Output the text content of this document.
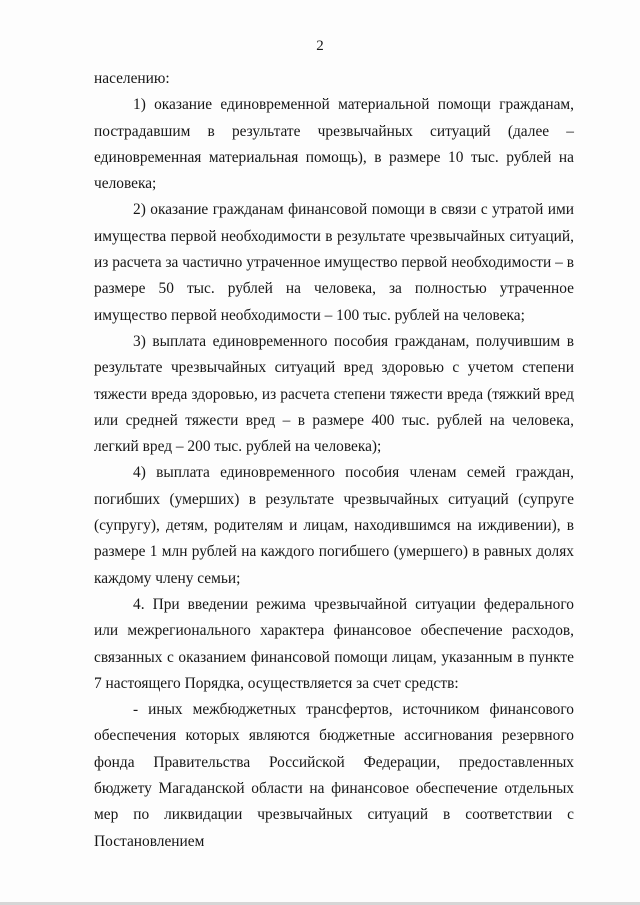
2

населению:

1) оказание единовременной материальной помощи гражданам, пострадавшим в результате чрезвычайных ситуаций (далее – единовременная материальная помощь), в размере 10 тыс. рублей на человека;

2) оказание гражданам финансовой помощи в связи с утратой ими имущества первой необходимости в результате чрезвычайных ситуаций, из расчета за частично утраченное имущество первой необходимости – в размере 50 тыс. рублей на человека, за полностью утраченное имущество первой необходимости – 100 тыс. рублей на человека;

3) выплата единовременного пособия гражданам, получившим в результате чрезвычайных ситуаций вред здоровью с учетом степени тяжести вреда здоровью, из расчета степени тяжести вреда (тяжкий вред или средней тяжести вред – в размере 400 тыс. рублей на человека, легкий вред – 200 тыс. рублей на человека);

4) выплата единовременного пособия членам семей граждан, погибших (умерших) в результате чрезвычайных ситуаций (супруге (супругу), детям, родителям и лицам, находившимся на иждивении), в размере 1 млн рублей на каждого погибшего (умершего) в равных долях каждому члену семьи;

4. При введении режима чрезвычайной ситуации федерального или межрегионального характера финансовое обеспечение расходов, связанных с оказанием финансовой помощи лицам, указанным в пункте 7 настоящего Порядка, осуществляется за счет средств:

- иных межбюджетных трансфертов, источником финансового обеспечения которых являются бюджетные ассигнования резервного фонда Правительства Российской Федерации, предоставленных бюджету Магаданской области на финансовое обеспечение отдельных мер по ликвидации чрезвычайных ситуаций в соответствии с Постановлением
